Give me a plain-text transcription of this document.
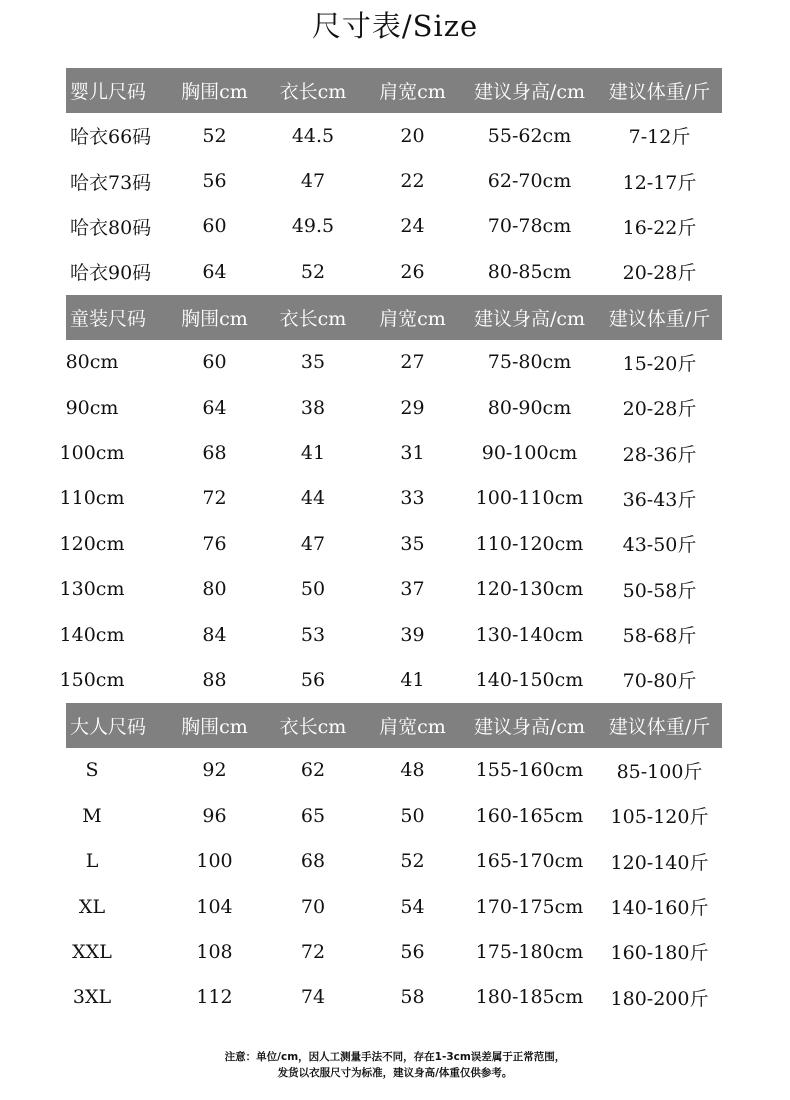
尺寸表/Size
婴儿尺码	胸围cm	衣长cm	肩宽cm	建议身高/cm	建议体重/斤
哈衣66码	52	44.5	20	55-62cm	7-12斤
哈衣73码	56	47	22	62-70cm	12-17斤
哈衣80码	60	49.5	24	70-78cm	16-22斤
哈衣90码	64	52	26	80-85cm	20-28斤
童装尺码	胸围cm	衣长cm	肩宽cm	建议身高/cm	建议体重/斤
80cm	60	35	27	75-80cm	15-20斤
90cm	64	38	29	80-90cm	20-28斤
100cm	68	41	31	90-100cm	28-36斤
110cm	72	44	33	100-110cm	36-43斤
120cm	76	47	35	110-120cm	43-50斤
130cm	80	50	37	120-130cm	50-58斤
140cm	84	53	39	130-140cm	58-68斤
150cm	88	56	41	140-150cm	70-80斤
大人尺码	胸围cm	衣长cm	肩宽cm	建议身高/cm	建议体重/斤
S	92	62	48	155-160cm	85-100斤
M	96	65	50	160-165cm	105-120斤
L	100	68	52	165-170cm	120-140斤
XL	104	70	54	170-175cm	140-160斤
XXL	108	72	56	175-180cm	160-180斤
3XL	112	74	58	180-185cm	180-200斤
注意：单位/cm，因人工测量手法不同，存在1-3cm误差属于正常范围，
发货以衣服尺寸为标准，建议身高/体重仅供参考。
